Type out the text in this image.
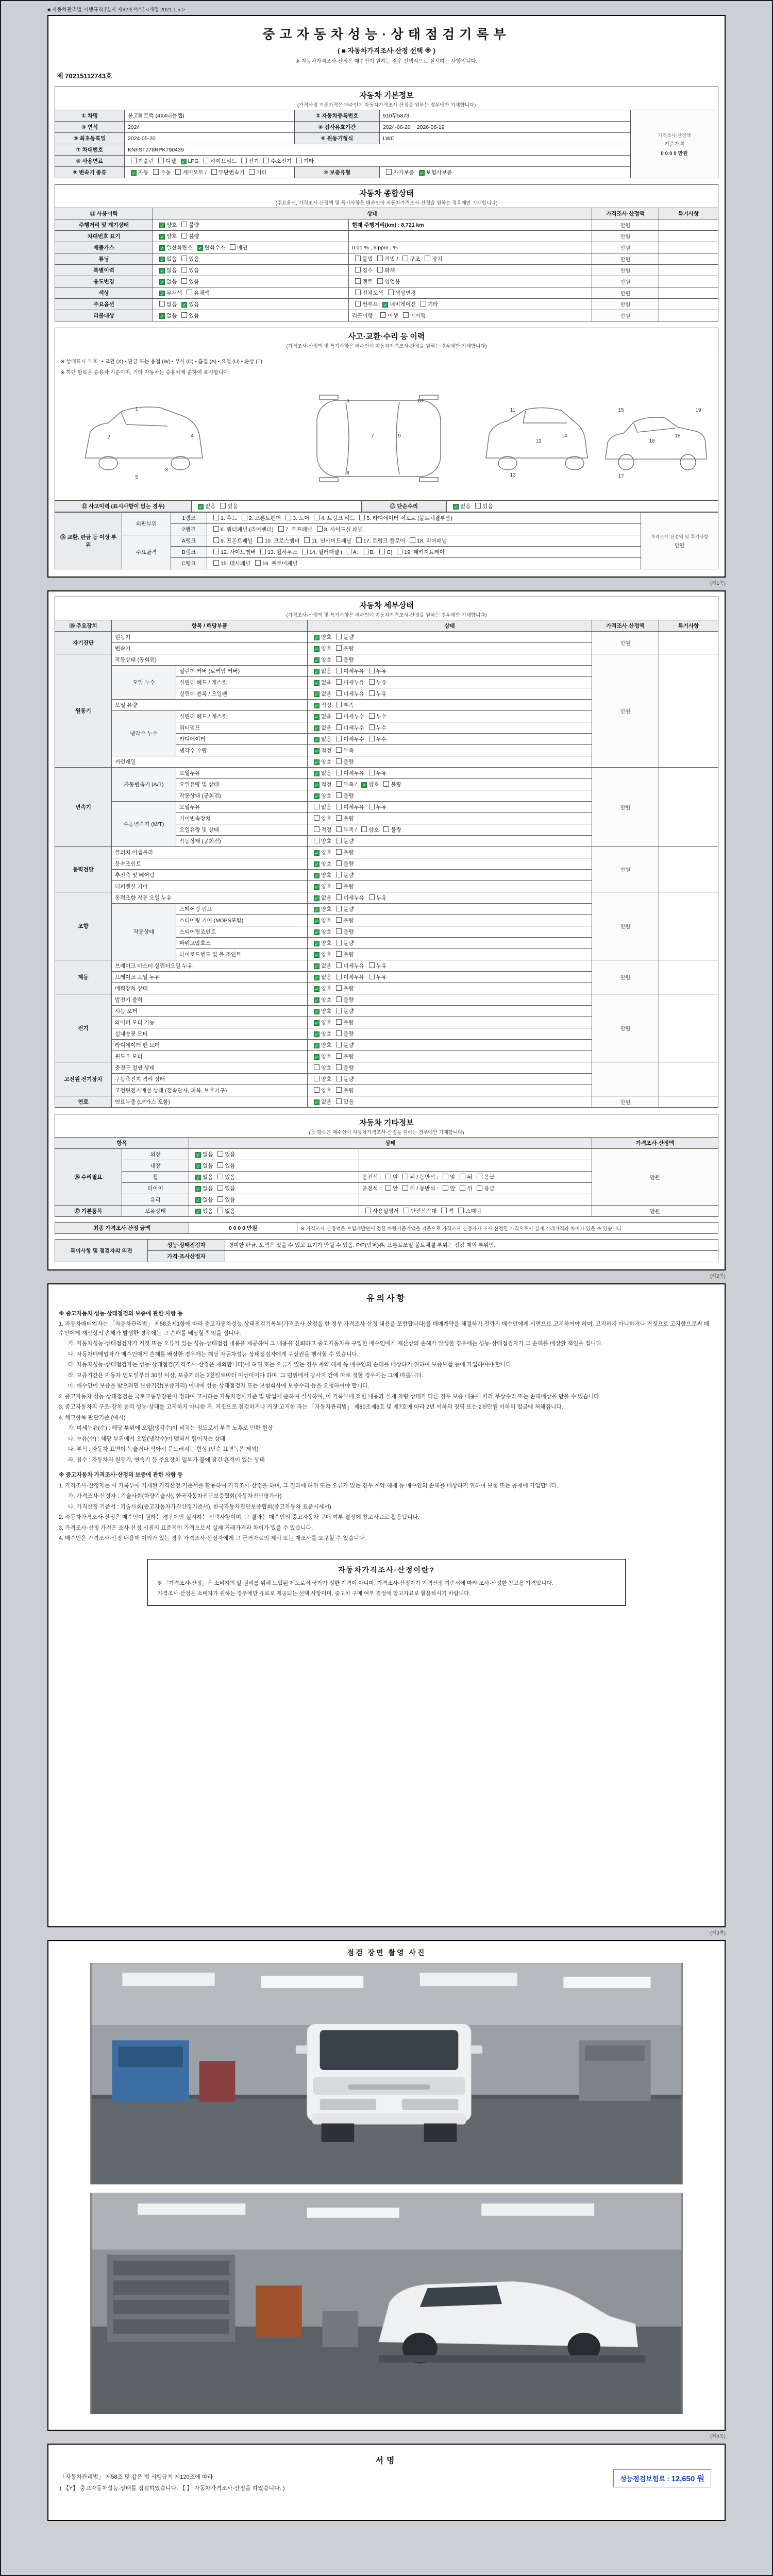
■ 자동차관리법 시행규칙 [별지 제82호서식] <개정 2021.1.5.>
중고자동차성능·상태점검기록부
( ■ 자동차가격조사·산정 선택 ※ )
※ 자동차가격조사·산정은 매수인이 원하는 경우 선택적으로 실시하는 사항입니다.
제 70215112743호
자동차 기본정보
(가격산정 기준가격은 매수인이 자동차가격조사·산정을 원하는 경우에만 기재합니다)
① 차명	봉고Ⅲ 트럭 (4X4더블캡)	② 자동차등록번호	910두5873	가격조사·산정액
기준가격
0 0 0 0 만원

③ 연식	2024	④ 검사유효기간	2024-06-20 ~ 2026-06-19	
⑤ 최초등록일	2024-05-20	⑥ 원동기형식	LWC	
⑦ 차대번호	KNFST278RPK790439			
⑧ 사용연료	가솔린 디젤 ✓ LPG 하이브리드 전기 수소전기 기타			
⑨ 변속기 종류	✓ 자동 수동 세미오토 / 무단변속기 기타	⑩ 보증유형	자가보증 ✓ 보험사보증	
자동차 종합상태
(주요옵션, 가격조사·산정액 및 특기사항은 매수인이 자동차가격조사·산정을 원하는 경우에만 기재합니다)
⑪ 사용이력	상태		가격조사·산정액	특기사항
주행거리 및 계기상태	✓ 양호 불량	현재 주행거리(km) : 8,721 km	만원	
차대번호 표기	✓ 양호 불량		만원	
배출가스	✓ 일산화탄소 ✓ 탄화수소 매연	0.01 % , 6 ppm , %	만원	
튜닝	✓ 없음 있음	불법 적법 / 구조 장치	만원	
특별이력	✓ 없음 있음	침수 화재	만원	
용도변경	✓ 없음 있음	렌트 영업용	만원	
색상	✓ 무채색 유채색	전체도색 색상변경	만원	
주요옵션	없음 ✓ 있음	썬루프 ✓ 네비게이션 기타	만원	
리콜대상	✓ 없음 있음	리콜이행 : 이행 미이행	만원	
사고·교환·수리 등 이력
(가격조사·산정액 및 특기사항은 매수인이 자동차가격조사·산정을 원하는 경우에만 기재합니다)
※ 상태표시 부호 : • 교환 (X) • 판금 또는 용접 (W) • 부식 (C) • 흠집 (A) • 요철 (U) • 손상 (T)
※ 하단 항목은 승용차 기준이며, 기타 자동차는 승용차에 준하여 표시합니다.
1
2
3
4
5
6
7
8
9
10
11
12
13
14
15
16
17
18
19
⑫ 사고이력 (표시사항이 없는 경우)	✓ 없음 있음	⑬ 단순수리	✓ 없음 있음
⑭ 교환, 판금 등 이상 부위	외판부위	1랭크	1. 후드 2. 프론트펜더 3. 도어 4. 트렁크 리드 5. 라디에이터 서포트 (볼트체결부품)	가격조사·산정액 및 특기사항
만원

		2랭크	6. 쿼터패널 (리어펜더) 7. 루프패널 8. 사이드실 패널	
	주요골격	A랭크	9. 프론트패널 10. 크로스멤버 11. 인사이드패널 17. 트렁크 플로어 18. 리어패널	
		B랭크	12. 사이드멤버 13. 휠하우스 14. 필러패널 ( A, B, C) 19. 패키지트레이	
		C랭크	15. 대시패널 16. 플로어패널	
(제1쪽)
자동차 세부상태
(가격조사·산정액 및 특기사항은 매수인이 자동차가격조사·산정을 원하는 경우에만 기재합니다)
⑮ 주요장치	항목 / 해당부품		상태	가격조사·산정액	특기사항
자기진단	원동기		✓ 양호 불량	만원	
	변속기		✓ 양호 불량		
원동기	작동상태 (공회전)		✓ 양호 불량	만원	
	오일 누수	실린더 커버 (로커암 커버)	✓ 없음 미세누유 누유		
		실린더 헤드 / 개스킷	✓ 없음 미세누유 누유		
		실린더 블록 / 오일팬	✓ 없음 미세누유 누유		
	오일 유량		✓ 적정 부족		
	냉각수 누수	실린더 헤드 / 개스킷	✓ 없음 미세누수 누수		
		워터펌프	✓ 없음 미세누수 누수		
		라디에이터	✓ 없음 미세누수 누수		
		냉각수 수량	✓ 적정 부족		
	커먼레일		✓ 양호 불량		
변속기	자동변속기 (A/T)	오일누유	✓ 없음 미세누유 누유	만원	
		오일유량 및 상태	✓ 적정 부족 / ✓ 양호 불량		
		작동상태 (공회전)	✓ 양호 불량		
	수동변속기 (M/T)	오일누유	없음 미세누유 누유		
		기어변속장치	양호 불량		
		오일유량 및 상태	적정 부족 / 양호 불량		
		작동상태 (공회전)	양호 불량		
동력전달	클러치 어셈블리		✓ 양호 불량	만원	
	등속조인트		✓ 양호 불량		
	추진축 및 베어링		✓ 양호 불량		
	디퍼렌셜 기어		✓ 양호 불량		
조향	동력조향 작동 오일 누유		✓ 없음 미세누유 누유	만원	
	작동상태	스티어링 펌프	✓ 양호 불량		
		스티어링 기어 (MDPS포함)	✓ 양호 불량		
		스티어링조인트	✓ 양호 불량		
		파워고압호스	✓ 양호 불량		
		타이로드엔드 및 볼 조인트	✓ 양호 불량		
제동	브레이크 마스터 실린더오일 누유		✓ 없음 미세누유 누유	만원	
	브레이크 오일 누유		✓ 없음 미세누유 누유		
	배력장치 상태		✓ 양호 불량		
전기	발전기 출력		✓ 양호 불량	만원	
	시동 모터		✓ 양호 불량		
	와이퍼 모터 기능		✓ 양호 불량		
	실내송풍 모터		✓ 양호 불량		
	라디에이터 팬 모터		✓ 양호 불량		
	윈도우 모터		✓ 양호 불량		
고전원 전기장치	충전구 절연 상태		양호 불량		
	구동축전지 격리 상태		양호 불량		
	고전원전기배선 상태 (접속단자, 피복, 보호기구)		양호 불량		
연료	연료누출 (LP가스 포함)		✓ 없음 있음	만원	
자동차 기타정보
(⑯ 항목은 매수인이 자동차가격조사·산정을 원하는 경우에만 기재합니다)
항목		상태		가격조사·산정액
⑯ 수리필요	외장	✓ 없음 있음		만원
	내장	✓ 없음 있음		
	휠	✓ 없음 있음	운전석 : 앞 뒤 / 동반석 : 앞 뒤 응급	
	타이어	✓ 없음 있음	운전석 : 앞 뒤 / 동반석 : 앞 뒤 응급	
	유리	✓ 없음 있음		
⑰ 기본품목	보유상태	✓ 있음 없음	사용설명서 안전삼각대 잭 스패너	만원
최종 가격조사·산정 금액	0 0 0 0 만원	※ 가격조사·산정액은 보험개발원이 정한 차량기준가액을 기준으로 가격조사·산정자가 조사·산정한 가격으로서 실제 거래가격과 차이가 있을 수 있습니다.
특이사항 및 점검자의 의견	성능·상태점검자	경미한 판금, 도색은 있을 수 있고 표기가 안될 수 있음. P/P(범퍼)류, 프론트쏘일 볼트체결 부위는 점검 제외 부위임.
	가격·조사산정자	
(제2쪽)
유의사항
※ 중고자동차 성능·상태점검의 보증에 관한 사항 등
1. 자동차매매업자는 「자동차관리법」 제58조제1항에 따라 중고자동차성능·상태점검기록부(가격조사·산정을 한 경우 가격조사·산정 내용을 포함합니다)를 매매계약을 체결하기 전까지 매수인에게 서면으로 고지하여야 하며, 고지하지 아니하거나 거짓으로 고지함으로써 매수인에게 재산상의 손해가 발생한 경우에는 그 손해를 배상할 책임을 집니다.
가. 자동차성능·상태점검자가 거짓 또는 오류가 있는 성능·상태점검 내용을 제공하여 그 내용을 신뢰하고 중고자동차를 구입한 매수인에게 재산상의 손해가 발생한 경우에는 성능·상태점검자가 그 손해를 배상할 책임을 집니다.
나. 자동차매매업자가 매수인에게 손해를 배상한 경우에는 해당 자동차성능·상태점검자에게 구상권을 행사할 수 있습니다.
다. 자동차성능·상태점검자는 성능·상태점검(가격조사·산정은 제외합니다)에 허위 또는 오류가 있는 경우 계약 해제 등 매수인의 손해를 배상하기 위하여 보증보험 등에 가입하여야 합니다.
라. 보증기간은 자동차 인도일부터 30일 이상, 보증거리는 2천킬로미터 이상이어야 하며, 그 범위에서 당사자 간에 따로 정한 경우에는 그에 따릅니다.
마. 매수인이 보증을 받으려면 보증기간(보증거리) 이내에 성능·상태점검자 또는 보험회사에 보증수리 등을 요청하여야 합니다.
2. 중고자동차 성능·상태점검은 국토교통부장관이 정하여 고시하는 자동차검사기준 및 방법에 준하여 실시하며, 이 기록부에 적힌 내용과 실제 차량 상태가 다른 경우 보증 내용에 따라 무상수리 또는 손해배상을 받을 수 있습니다.
3. 중고자동차의 구조·장치 등의 성능·상태를 고지하지 아니한 자, 거짓으로 점검하거나 거짓 고지한 자는 「자동차관리법」 제80조제6호 및 제7호에 따라 2년 이하의 징역 또는 2천만원 이하의 벌금에 처해집니다.
4. 체크항목 판단기준 (예시)
가. 미세누유(수) : 해당 부위에 오일(냉각수)이 비치는 정도로서 부품 노후로 인한 현상
나. 누유(수) : 해당 부위에서 오일(냉각수)이 맺혀서 떨어지는 상태
다. 부식 : 자동차 표면이 녹슬거나 삭아서 문드러지는 현상 (단순 표면녹은 제외)
라. 침수 : 자동차의 원동기, 변속기 등 주요장치 일부가 물에 잠긴 흔적이 있는 상태
※ 중고자동차 가격조사·산정의 보증에 관한 사항 등
1. 가격조사·산정자는 이 기록부에 기재된 가격산정 기준서를 활용하여 가격조사·산정을 하며, 그 결과에 허위 또는 오류가 있는 경우 계약 해제 등 매수인의 손해를 배상하기 위하여 보험 또는 공제에 가입합니다.
가. 가격조사·산정자 : 기술사회(차량기술사), 한국자동차진단보증협회(자동차진단평가사)
나. 가격산정 기준서 : 기술사회(중고자동차가격산정기준서), 한국자동차진단보증협회(중고자동차 표준시세서)
2. 자동차가격조사·산정은 매수인이 원하는 경우에만 실시하는 선택사항이며, 그 결과는 매수인의 중고자동차 구매 여부 결정에 참고자료로 활용됩니다.
3. 가격조사·산정 가격은 조사·산정 시점의 표준적인 가격으로서 실제 거래가격과 차이가 있을 수 있습니다.
4. 매수인은 가격조사·산정 내용에 이의가 있는 경우 가격조사·산정자에게 그 근거자료의 제시 또는 재조사를 요구할 수 있습니다.
자동차가격조사·산정이란?
※ 「가격조사·산정」은 소비자의 알 권리를 위해 도입된 제도로서 국가가 정한 가격이 아니며, 가격조사·산정자가 가격산정 기준서에 따라 조사·산정한 참고용 가격입니다.
가격조사·산정은 소비자가 원하는 경우에만 유료로 제공되는 선택 사항이며, 중고차 구매 여부 결정에 참고자료로 활용하시기 바랍니다.
(제3쪽)
점검 장면 촬영 사진
(제4쪽)
서명
성능점검보험료 : 12,650 원
「자동차관리법」 제58조 및 같은 법 시행규칙 제120조에 따라
( 【Y】 중고자동차성능·상태를 점검하였습니다. 【 】 자동차가격조사·산정을 하였습니다. )
